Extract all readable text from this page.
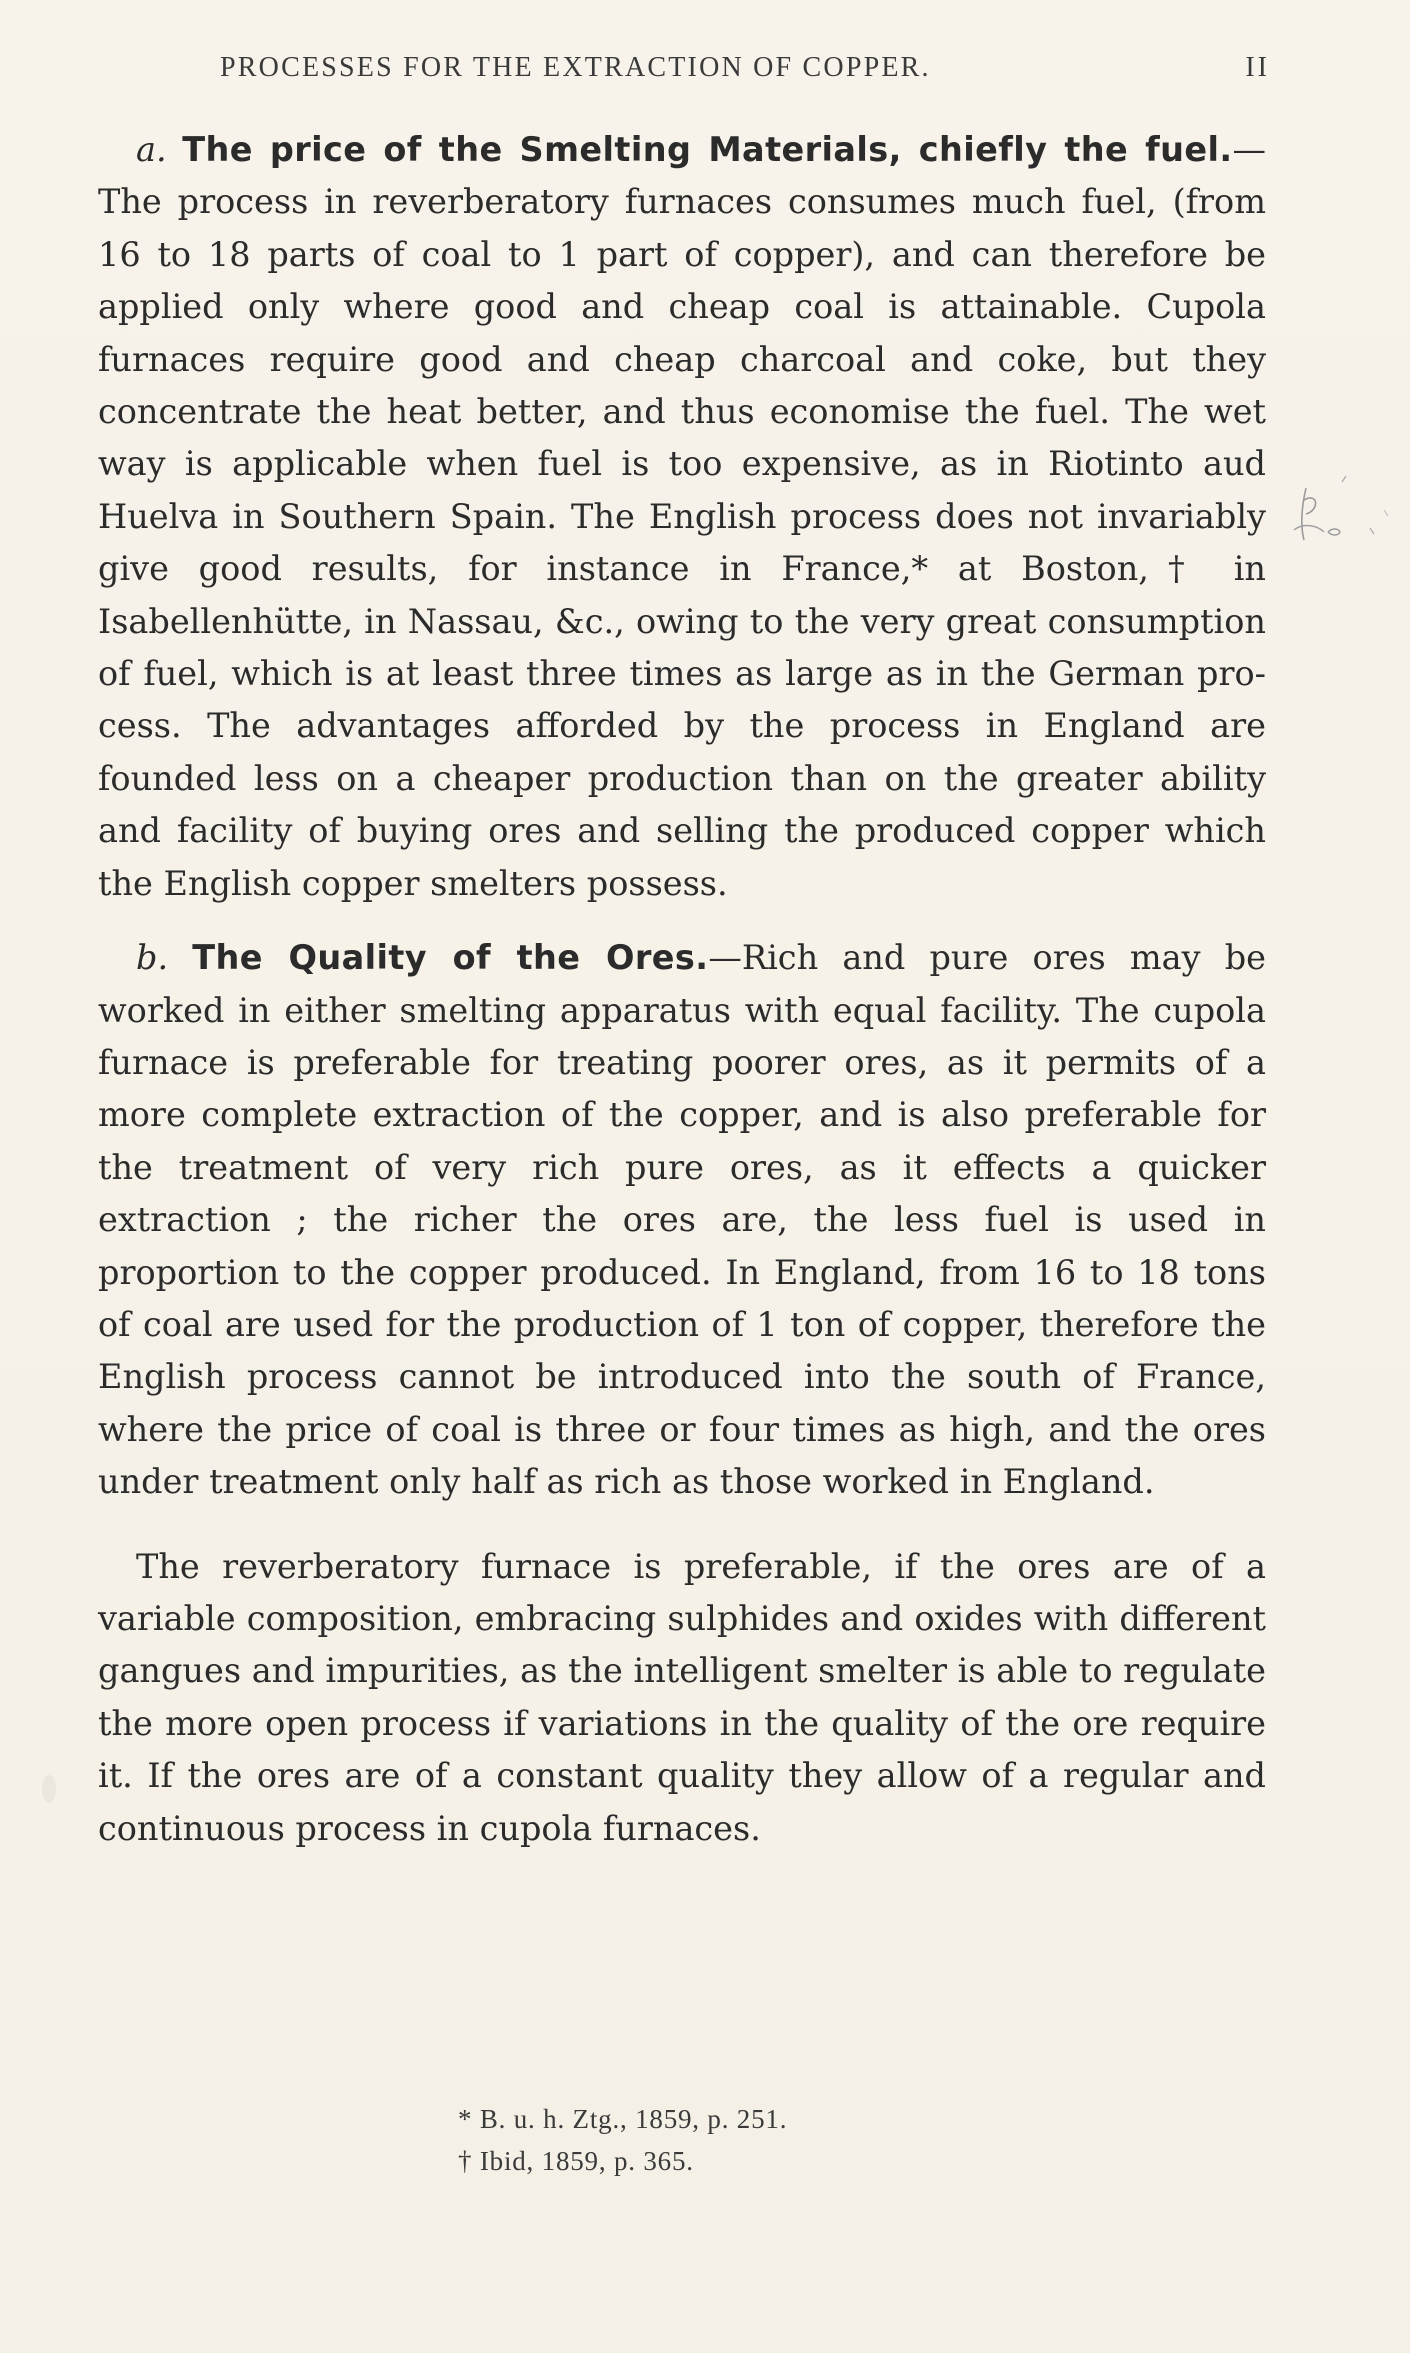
PROCESSES FOR THE EXTRACTION OF COPPER.	II

a. The price of the Smelting Materials, chiefly the fuel.—The process in reverberatory furnaces consumes much fuel, (from 16 to 18 parts of coal to 1 part of copper), and can therefore be applied only where good and cheap coal is attainable. Cupola furnaces require good and cheap charcoal and coke, but they concentrate the heat better, and thus economise the fuel. The wet way is applicable when fuel is too expensive, as in Riotinto aud Huelva in Southern Spain. The English process does not invariably give good results, for instance in France,* at Boston,† in Isabellenhütte, in Nassau, &c., owing to the very great consumption of fuel, which is at least three times as large as in the German process. The advantages afforded by the process in England are founded less on a cheaper production than on the greater ability and facility of buying ores and selling the produced copper which the English copper smelters possess.

b. The Quality of the Ores.—Rich and pure ores may be worked in either smelting apparatus with equal facility. The cupola furnace is preferable for treating poorer ores, as it permits of a more complete extraction of the copper, and is also preferable for the treatment of very rich pure ores, as it effects a quicker extraction ; the richer the ores are, the less fuel is used in proportion to the copper produced. In England, from 16 to 18 tons of coal are used for the production of 1 ton of copper, therefore the English process cannot be introduced into the south of France, where the price of coal is three or four times as high, and the ores under treatment only half as rich as those worked in England.

The reverberatory furnace is preferable, if the ores are of a variable composition, embracing sulphides and oxides with different gangues and impurities, as the intelligent smelter is able to regulate the more open process if variations in the quality of the ore require it. If the ores are of a constant quality they allow of a regular and continuous process in cupola furnaces.

* B. u. h. Ztg., 1859, p. 251.
† Ibid, 1859, p. 365.
